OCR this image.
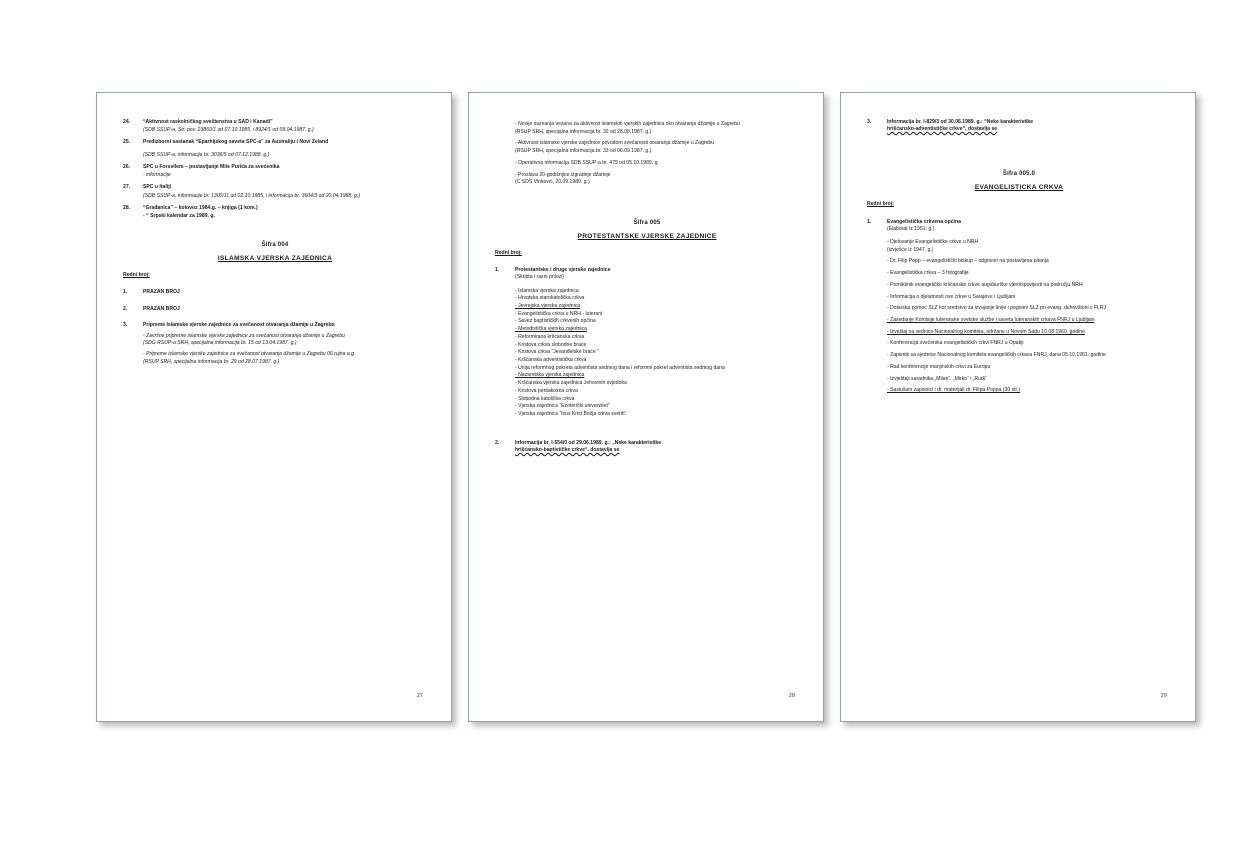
24.	“Aktivnost raskolničkog sveštenstva u SAD i Kanadi”
(SDB SSUP-a, Str. pov. 23860/1 od 07.10.1985. i 8924/1 od 09.04.1987. g.)
25.	Predizborni sastanak “Eparhijskog saveta SPC-a” za Australiju i Novi Zeland
(SDB SSUP-a, informacija br. 3036/5 od 07.12.1988. g.)
26.	SPC u Forsvilem – postavljanje Mile Purića za svećenika
- informacije
27.	SPC u Italiji
(SDB SSUP-a, informacije br. 1300/11 od 02.10.1985. i informacija br. 3604/3 od 20.04.1988. g.)
28.	“Građanica” – kolovoz 1984.g. – knjiga (1 kom.)
- “ Srpski kalendar za 1989. g.
Šifra 004
ISLAMSKA VJERSKA ZAJEDNICA
Redni broj:
1.	PRAZAN BROJ
2.	PRAZAN BROJ
3.	Pripreme Islamske vjerske zajednice za svečanost otvaranja džamije u Zagrebu
- Završne pripreme islamske vjerske zajednice za svečanost otvaranja džamije u Zagrebu
(SDG RSUP-a SRH, specijalna informacija br. 15 od 13.04.1987. g.)
- Pripreme islamske vjerske zajednice za svečanost otvaranja džamije u Zagrebu 06.rujna a.g.
(RSUP SRH, specijalna informacija br. 29 od 28.07.1987. g.)
27
- Novije saznanja vezana za aktivnost islamskih vjerskih zajednica oko otvaranja džamije u Zagrebu
(RSUP SRH, specijalna informacija br. 32 od 28.08.1987. g.)
- Aktivnost islamske vjerske zajednice povodom svečanosti otvaranja džamije u Zagrebu
(RSUP SRH, specijalna informacija br. 33 od 06.09.1987. g.)
- Operativna informacija SDB SSUP-a br. 479 od 05.10.1989. g.
- Proslava 20-godišnjice izgradnje džamije
(C SDS Vinkovci, 20.09.1989. g.)
Šifra 005
PROTESTANTSKE VJERSKE ZAJEDNICE
Redni broj:
1.	Protestantske i druge vjerske zajednice
(Skripta i razni prilozi)
- Islamska vjerska zajednica
- Hrvatska starokatolička crkva
- Jevrejska vjerska zajednica
- Evangelistička crkva u NRH - luterani
- Savez baptističkih crkvenih općina
- Metodistička vjerska zajednica
- Reformirana kršćanska crkva
- Kristova crkva slobodne braće
- Kristova crkva “Jevanđelske braće “
- Kršćanska adventistička crkva
- Unija reformnog pokreta adventista sedmog dana i reformni pokret adventista sedmog dana
- Nazaretska vjerska zajednica
- Kršćanska vjerska zajednica Jehovinih svjedoka
- Kristova pentakosna crkva
- Slobodna katolička crkva
- Vjerska zajednica “Ezoterički univerzitet”
- Vjerska zajednica “Isus Krist Božja crkva svetih”
2.	Informacija br. I-554/0 od 29.06.1989. g.: „Neke karakteristike
hrišćansko-baptističke crkve“, dostavlja se
28
3.	Informacija br. I-829/3 od 30.06.1989. g.: “Neke karakteristike
hrišćansko-adventističke crkve“, dostavlja se
Šifra 005.0
EVANGELISTICKA CRKVA
Redni broj:
1.	Evangelistička crkvena općina
(Elaborat iz 1951. g.)
- Djelovanje Evangelističke crkve u NRH
(izvješće iz 1947. g.)
- Dr. Filip Popp – evangelistički biskup – odgovori na postavljena pitanja
- Evangelistička crkva – 3 fotografije
- Pronikšnik evangeličke kršćanske crkve augsburške vjeroispovijesti na području NRH
- Informacija o djelatnosti ove crkve u Sarajevu i Ljubljani
- Dolarska pomoć SLZ kot sredstvo za izvajanje linije i pogoiev SLZ pri evang. duhovštoni v FLRJ
- Zasedanje Komisije luteranske svetske službe i saveta luteranskih crkava FNRJ u Ljubljani
- Izveštaj sa sednice Nacionalnog komiteta, održane u Novom Sadu 10.08.1960. godine
- Konferencija svećenika evangelističkih crkvi FNRJ u Opatiji
- Zapisnik sa sjednice Nacionalnog komiteta evangeličkih crkava FNRJ, dana 05.10.1961. godine
- Rad konferencije manjinskih crkvi za Europu
- Izvještaji saradnika „Milan“, „Mirko“ i „Rudi“
- Saslušani zapisnici i dr. materijali dr. Filipa Poppa (30 str.)
29
